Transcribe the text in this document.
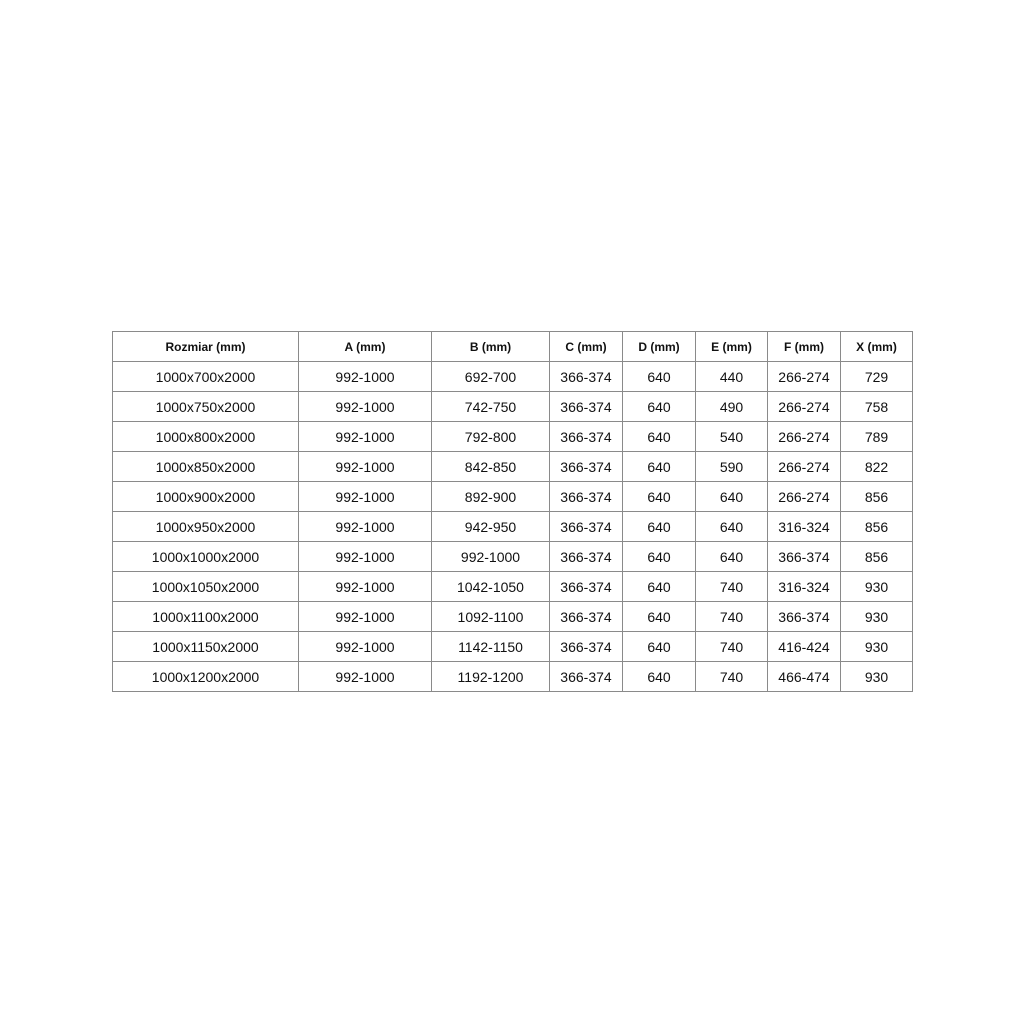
Rozmiar (mm)	A (mm)	B (mm)	C (mm)	D (mm)	E (mm)	F (mm)	X (mm)
1000x700x2000	992-1000	692-700	366-374	640	440	266-274	729
1000x750x2000	992-1000	742-750	366-374	640	490	266-274	758
1000x800x2000	992-1000	792-800	366-374	640	540	266-274	789
1000x850x2000	992-1000	842-850	366-374	640	590	266-274	822
1000x900x2000	992-1000	892-900	366-374	640	640	266-274	856
1000x950x2000	992-1000	942-950	366-374	640	640	316-324	856
1000x1000x2000	992-1000	992-1000	366-374	640	640	366-374	856
1000x1050x2000	992-1000	1042-1050	366-374	640	740	316-324	930
1000x1100x2000	992-1000	1092-1100	366-374	640	740	366-374	930
1000x1150x2000	992-1000	1142-1150	366-374	640	740	416-424	930
1000x1200x2000	992-1000	1192-1200	366-374	640	740	466-474	930
